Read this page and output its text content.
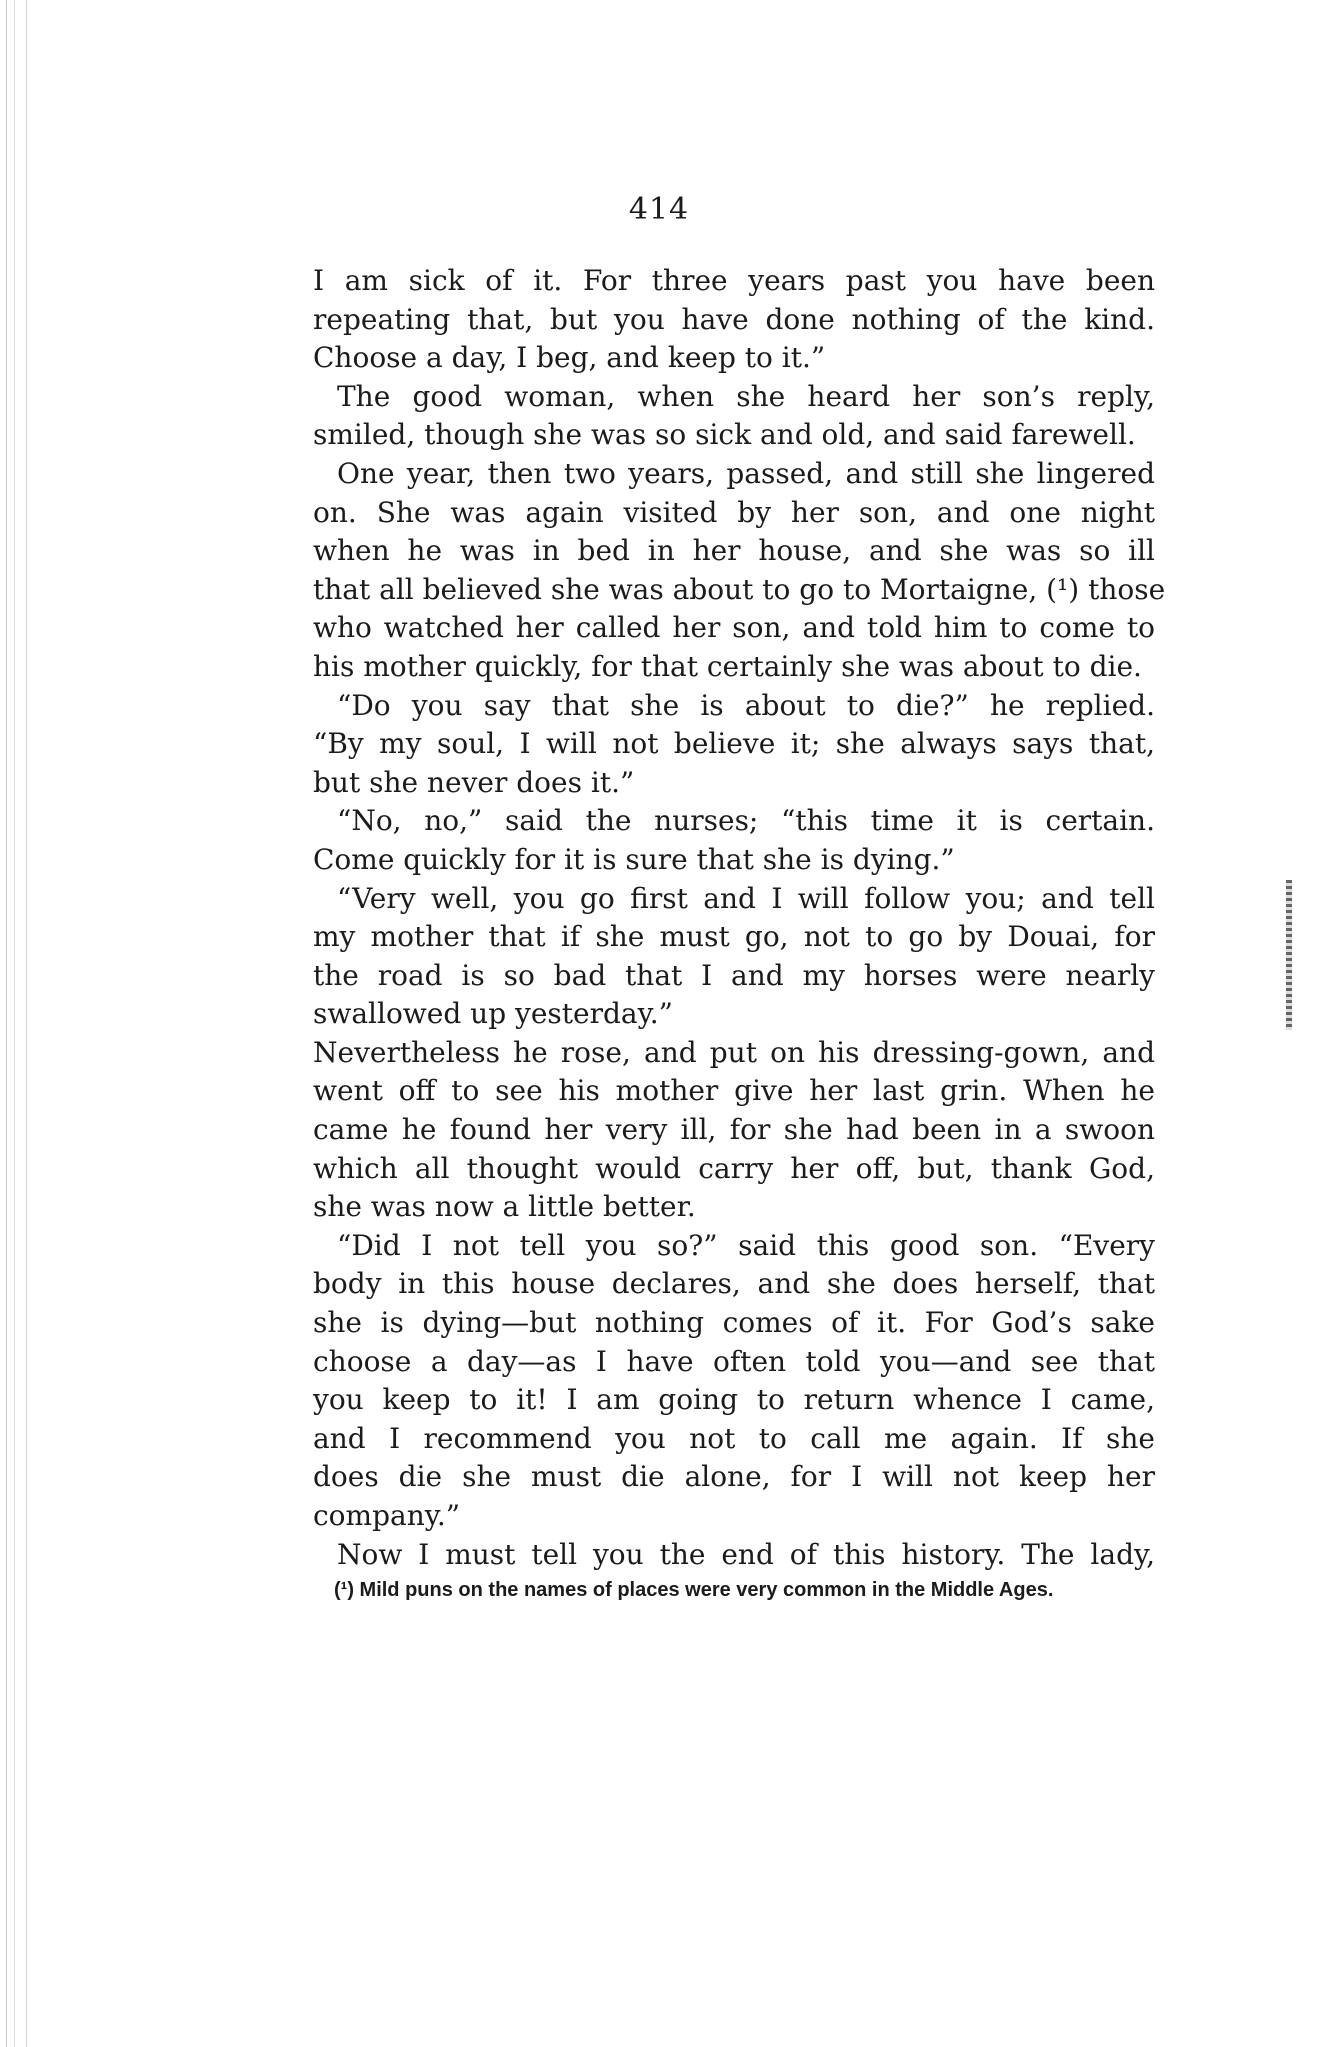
414
I am sick of it. For three years past you have been
repeating that, but you have done nothing of the kind.
Choose a day, I beg, and keep to it.”
The good woman, when she heard her son’s reply,
smiled, though she was so sick and old, and said farewell.
One year, then two years, passed, and still she lingered
on. She was again visited by her son, and one night
when he was in bed in her house, and she was so ill
that all believed she was about to go to Mortaigne, (¹) those
who watched her called her son, and told him to come to
his mother quickly, for that certainly she was about to die.
“Do you say that she is about to die?” he replied.
“By my soul, I will not believe it; she always says that,
but she never does it.”
“No, no,” said the nurses; “this time it is certain.
Come quickly for it is sure that she is dying.”
“Very well, you go first and I will follow you; and tell
my mother that if she must go, not to go by Douai, for
the road is so bad that I and my horses were nearly
swallowed up yesterday.”
Nevertheless he rose, and put on his dressing-gown, and
went off to see his mother give her last grin. When he
came he found her very ill, for she had been in a swoon
which all thought would carry her off, but, thank God,
she was now a little better.
“Did I not tell you so?” said this good son. “Every
body in this house declares, and she does herself, that
she is dying—but nothing comes of it. For God’s sake
choose a day—as I have often told you—and see that
you keep to it! I am going to return whence I came,
and I recommend you not to call me again. If she
does die she must die alone, for I will not keep her
company.”
Now I must tell you the end of this history. The lady,
(¹) Mild puns on the names of places were very common in the Middle Ages.
